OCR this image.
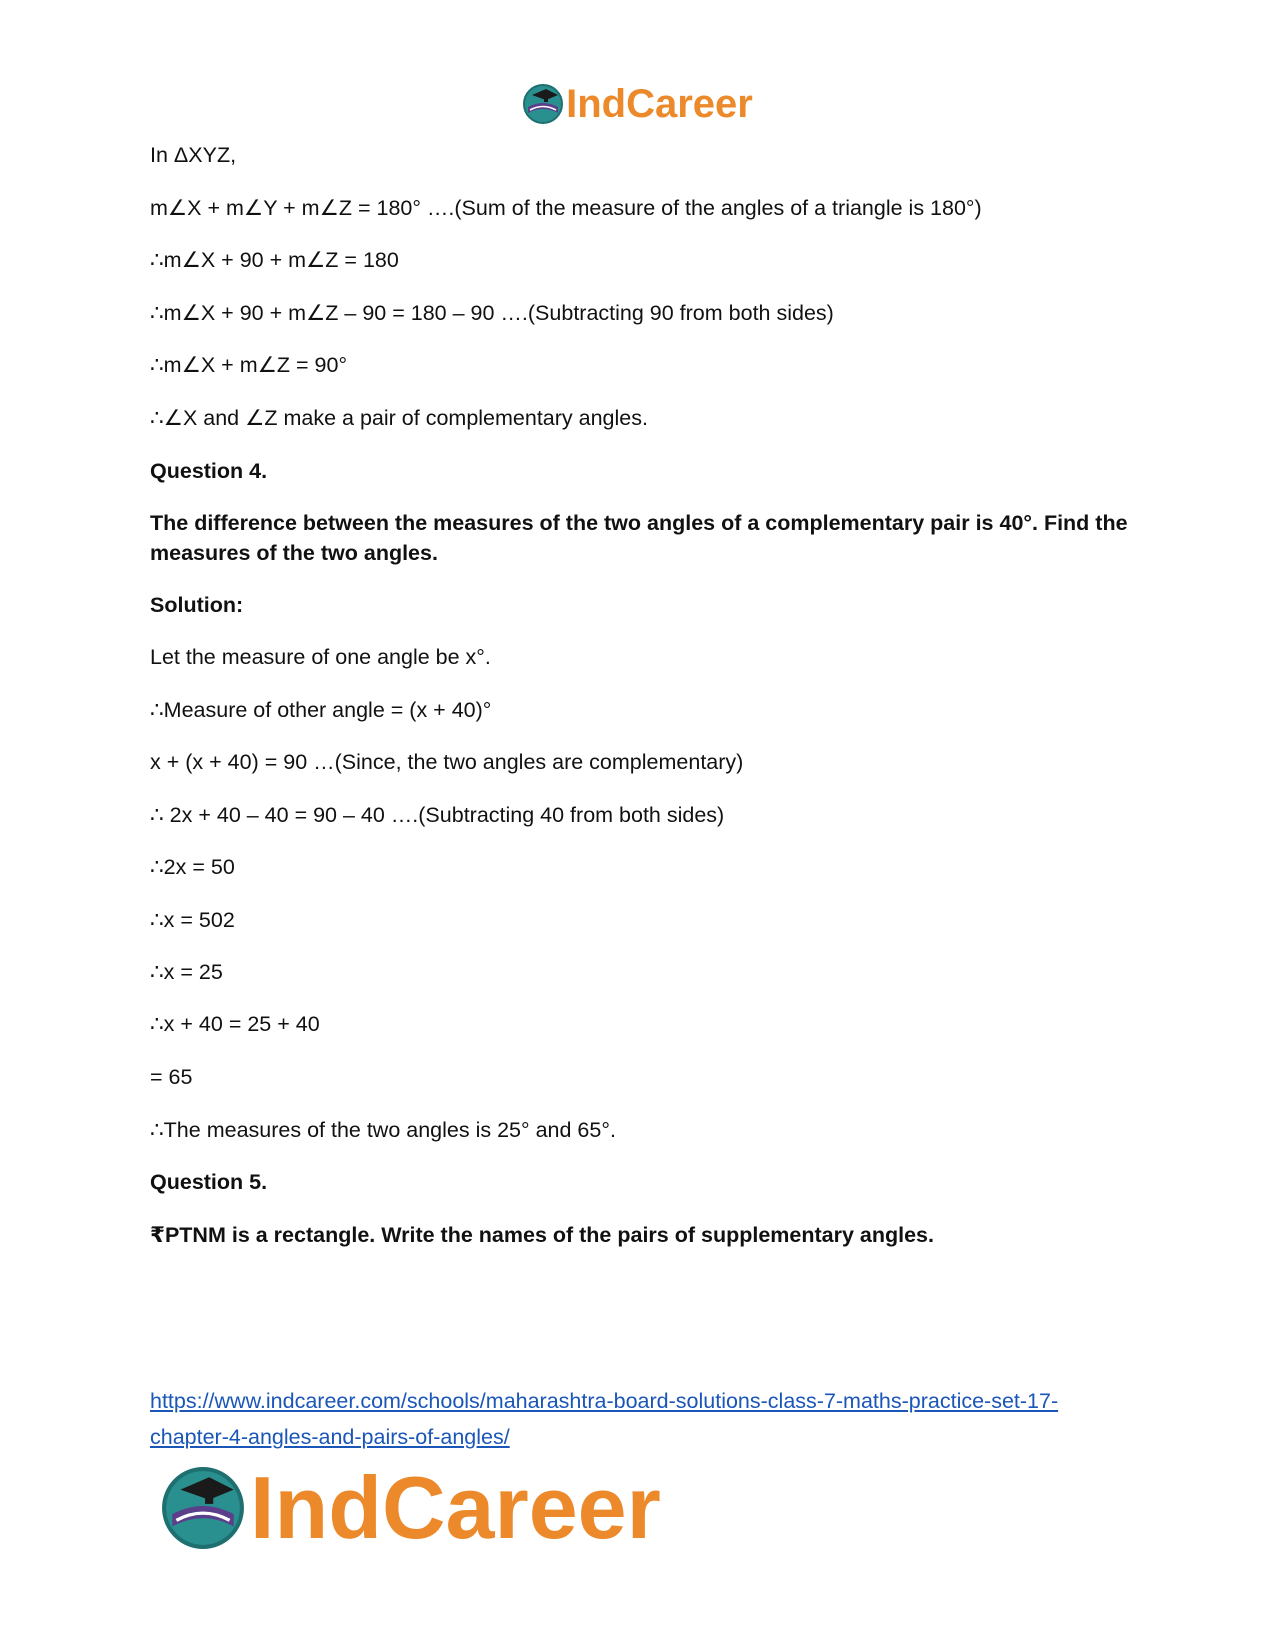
IndCareer
In ΔXYZ,
m∠X + m∠Y + m∠Z = 180° ….(Sum of the measure of the angles of a triangle is 180°)
∴m∠X + 90 + m∠Z = 180
∴m∠X + 90 + m∠Z – 90 = 180 – 90 ….(Subtracting 90 from both sides)
∴m∠X + m∠Z = 90°
∴∠X and ∠Z make a pair of complementary angles.
Question 4.
The difference between the measures of the two angles of a complementary pair is 40°. Find the measures of the two angles.
Solution:
Let the measure of one angle be x°.
∴Measure of other angle = (x + 40)°
x + (x + 40) = 90 …(Since, the two angles are complementary)
∴ 2x + 40 – 40 = 90 – 40 ….(Subtracting 40 from both sides)
∴2x = 50
∴x = 502
∴x = 25
∴x + 40 = 25 + 40
= 65
∴The measures of the two angles is 25° and 65°.
Question 5.
₹PTNM is a rectangle. Write the names of the pairs of supplementary angles.
https://www.indcareer.com/schools/maharashtra-board-solutions-class-7-maths-practice-set-17-chapter-4-angles-and-pairs-of-angles/
IndCareer
